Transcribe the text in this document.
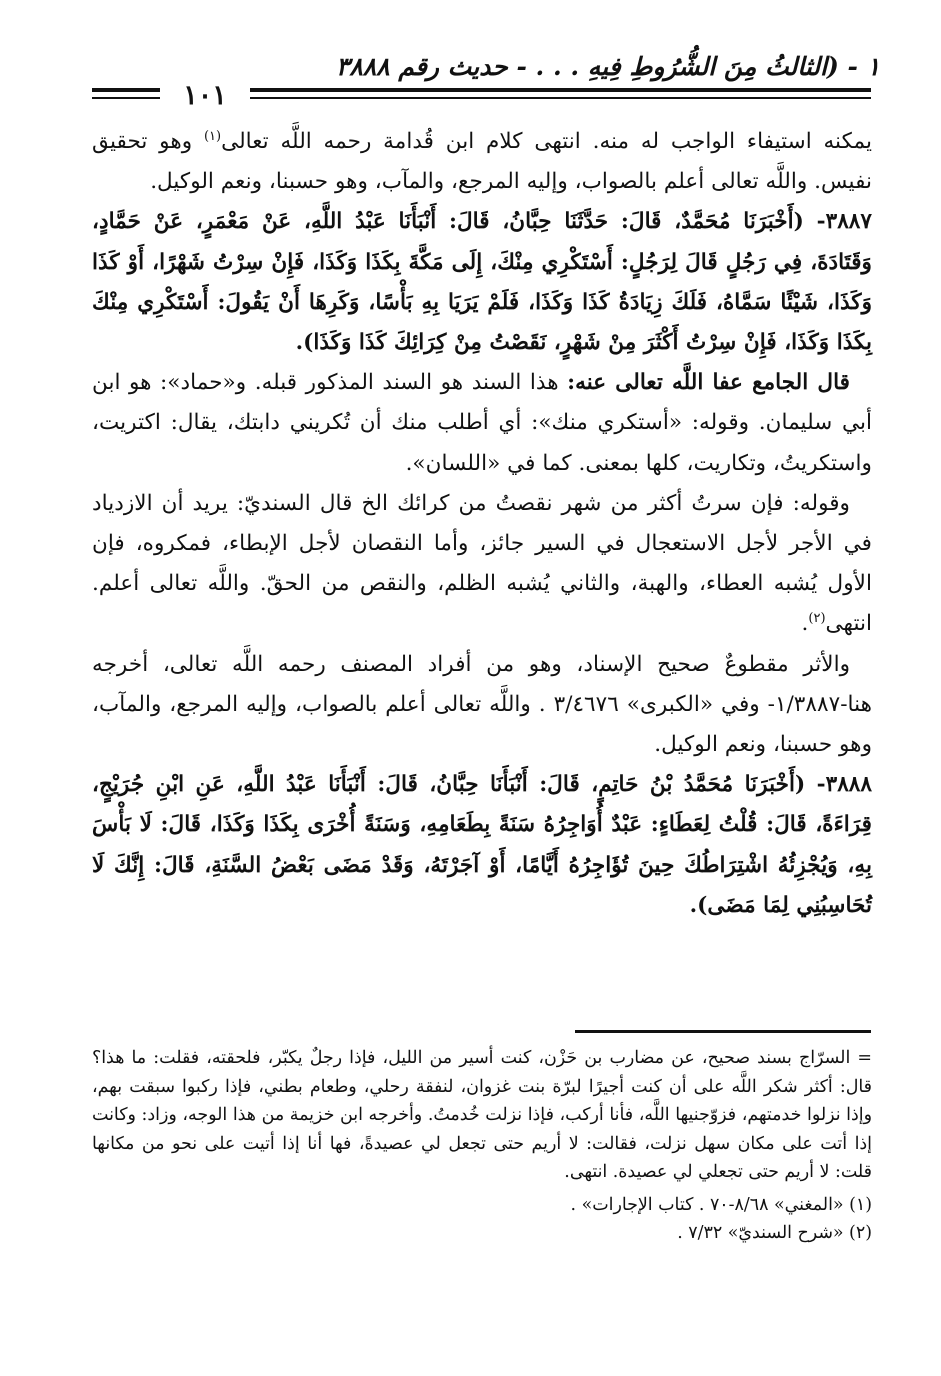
١ - (الثالثُ مِنَ الشُّرُوطِ فِيهِ . . . - حديث رقم ٣٨٨٨
١٠١

يمكنه استيفاء الواجب له منه. انتهى كلام ابن قُدامة رحمه اللَّه تعالى$^{(١)}$ وهو تحقيق نفيس. واللَّه تعالى أعلم بالصواب، وإليه المرجع، والمآب، وهو حسبنا، ونعم الوكيل.

٣٨٨٧- (أَخْبَرَنَا مُحَمَّدٌ، قَالَ: حَدَّثَنَا حِبَّانُ، قَالَ: أَنْبَأَنَا عَبْدُ اللَّهِ، عَنْ مَعْمَرٍ، عَنْ حَمَّادٍ، وَقَتَادَةَ، فِي رَجُلٍ قَالَ لِرَجُلٍ: أَسْتَكْرِي مِنْكَ، إِلَى مَكَّةَ بِكَذَا وَكَذَا، فَإِنْ سِرْتُ شَهْرًا، أَوْ كَذَا وَكَذَا، شَيْئًا سَمَّاهُ، فَلَكَ زِيَادَةُ كَذَا وَكَذَا، فَلَمْ يَرَيَا بِهِ بَأْسًا، وَكَرِهَا أَنْ يَقُولَ: أَسْتَكْرِي مِنْكَ بِكَذَا وَكَذَا، فَإِنْ سِرْتُ أَكْثَرَ مِنْ شَهْرٍ، نَقَصْتُ مِنْ كِرَائِكَ كَذَا وَكَذَا).

قال الجامع عفا اللَّه تعالى عنه: هذا السند هو السند المذكور قبله. و«حماد»: هو ابن أبي سليمان. وقوله: «أستكري منك»: أي أطلب منك أن تُكريني دابتك، يقال: اكتريت، واستكريتُ، وتكاريت، كلها بمعنى. كما في «اللسان».

وقوله: فإن سرتُ أكثر من شهر نقصتُ من كرائك الخ قال السنديّ: يريد أن الازدياد في الأجر لأجل الاستعجال في السير جائز، وأما النقصان لأجل الإبطاء، فمكروه، فإن الأول يُشبه العطاء، والهبة، والثاني يُشبه الظلم، والنقص من الحقّ. واللَّه تعالى أعلم. انتهى$^{(٢)}$.

والأثر مقطوعٌ صحيح الإسناد، وهو من أفراد المصنف رحمه اللَّه تعالى، أخرجه هنا-١/٣٨٨٧- وفي «الكبرى» ٣/٤٦٧٦ . واللَّه تعالى أعلم بالصواب، وإليه المرجع، والمآب، وهو حسبنا، ونعم الوكيل.

٣٨٨٨- (أَخْبَرَنَا مُحَمَّدُ بْنُ حَاتِمٍ، قَالَ: أَنْبَأَنَا حِبَّانُ، قَالَ: أَنْبَأَنَا عَبْدُ اللَّهِ، عَنِ ابْنِ جُرَيْجٍ، قِرَاءَةً، قَالَ: قُلْتُ لِعَطَاءٍ: عَبْدٌ أُوَاجِرُهُ سَنَةً بِطَعَامِهِ، وَسَنَةً أُخْرَى بِكَذَا وَكَذَا، قَالَ: لَا بَأْسَ بِهِ، وَيُجْزِئُهُ اشْتِرَاطُكَ حِينَ تُؤَاجِرُهُ أَيَّامًا، أَوْ آجَرْتَهُ، وَقَدْ مَضَى بَعْضُ السَّنَةِ، قَالَ: إِنَّكَ لَا تُحَاسِبُنِي لِمَا مَضَى).

= السرّاج بسند صحيح، عن مضارب بن حَزْن، كنت أسير من الليل، فإذا رجلٌ يكبّر، فلحقته، فقلت: ما هذا؟ قال: أكثر شكر اللَّه على أن كنت أجيرًا لبرّة بنت غزوان، لنفقة رحلي، وطعام بطني، فإذا ركبوا سبقت بهم، وإذا نزلوا خدمتهم، فزوّجنيها اللَّه، فأنا أركب، فإذا نزلت خُدمتُ. وأخرجه ابن خزيمة من هذا الوجه، وزاد: وكانت إذا أتت على مكان سهل نزلت، فقالت: لا أريم حتى تجعل لي عصيدةً، فها أنا إذا أتيت على نحو من مكانها قلت: لا أريم حتى تجعلي لي عصيدة. انتهى.

(١) «المغني» ٨/٦٨-٧٠ . كتاب الإجارات» .

(٢) «شرح السنديّ» ٧/٣٢ .
